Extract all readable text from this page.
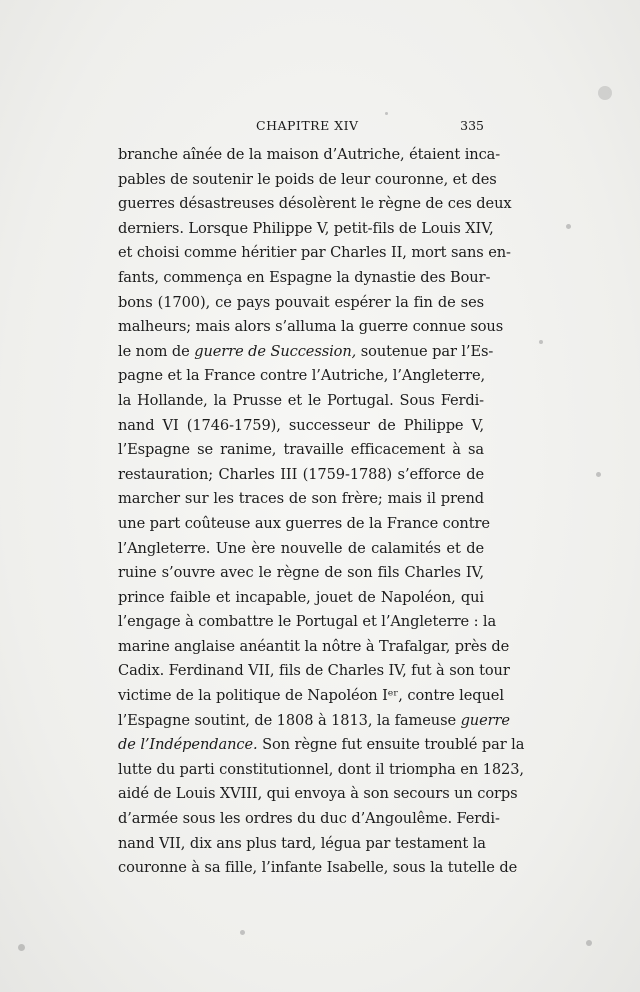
CHAPITRE XIV	335
branche aînée de la maison d’Autriche, étaient inca-
pables de soutenir le poids de leur couronne, et des
guerres désastreuses désolèrent le règne de ces deux
derniers. Lorsque Philippe V, petit-fils de Louis XIV,
et choisi comme héritier par Charles II, mort sans en-
fants, commença en Espagne la dynastie des Bour-
bons (1700), ce pays pouvait espérer la fin de ses
malheurs; mais alors s’alluma la guerre connue sous
le nom de guerre de Succession, soutenue par l’Es-
pagne et la France contre l’Autriche, l’Angleterre,
la Hollande, la Prusse et le Portugal. Sous Ferdi-
nand VI (1746-1759), successeur de Philippe V,
l’Espagne se ranime, travaille efficacement à sa
restauration; Charles III (1759-1788) s’efforce de
marcher sur les traces de son frère; mais il prend
une part coûteuse aux guerres de la France contre
l’Angleterre. Une ère nouvelle de calamités et de
ruine s’ouvre avec le règne de son fils Charles IV,
prince faible et incapable, jouet de Napoléon, qui
l’engage à combattre le Portugal et l’Angleterre : la
marine anglaise anéantit la nôtre à Trafalgar, près de
Cadix. Ferdinand VII, fils de Charles IV, fut à son tour
victime de la politique de Napoléon Iᵉʳ, contre lequel
l’Espagne soutint, de 1808 à 1813, la fameuse guerre
de l’Indépendance. Son règne fut ensuite troublé par la
lutte du parti constitutionnel, dont il triompha en 1823,
aidé de Louis XVIII, qui envoya à son secours un corps
d’armée sous les ordres du duc d’Angoulême. Ferdi-
nand VII, dix ans plus tard, légua par testament la
couronne à sa fille, l’infante Isabelle, sous la tutelle de
